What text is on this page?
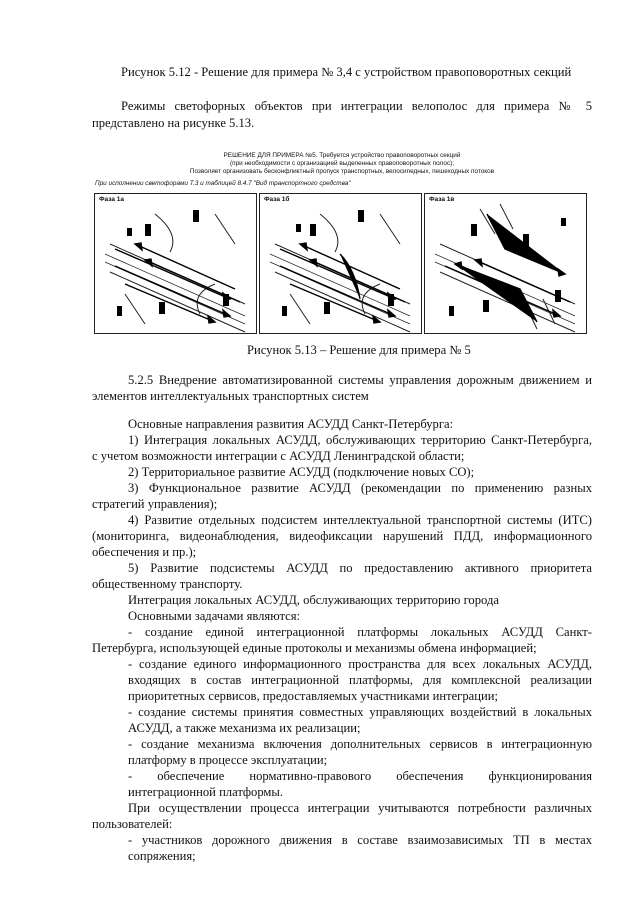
Рисунок 5.12 - Решение для примера № 3,4 с устройством правоповоротных секций

Режимы светофорных объектов при интеграции велополос для примера № 5

представлено на рисунке 5.13.

РЕШЕНИЕ ДЛЯ ПРИМЕРА №5. Требуется устройство правоповоротных секций

(при необходимости с организацией выделенных правоповоротных полос);

Позволяет организовать бесконфликтный пропуск транспортных, велосипедных, пешеходных потоков

При исполнении светофорами Т.3 и таблицей 8.4.7 "Вид транспортного средства"

Фаза 1а	Фаза 1б	Фаза 1в

Рисунок 5.13 – Решение для примера № 5

5.2.5 Внедрение автоматизированной системы управления дорожным движением и

элементов интеллектуальных транспортных систем

Основные направления развития АСУДД Санкт-Петербурга:

1) Интеграция локальных АСУДД, обслуживающих территорию Санкт-Петербурга,

с учетом возможности интеграции с АСУДД Ленинградской области;

2) Территориальное развитие АСУДД (подключение новых СО);

3) Функциональное развитие АСУДД (рекомендации по применению разных

стратегий управления);

4) Развитие отдельных подсистем интеллектуальной транспортной системы (ИТС)

(мониторинга, видеонаблюдения, видеофиксации нарушений ПДД, информационного

обеспечения и пр.);

5) Развитие подсистемы АСУДД по предоставлению активного приоритета

общественному транспорту.

Интеграция локальных АСУДД, обслуживающих территорию города

Основными задачами являются:

- создание единой интеграционной платформы локальных АСУДД Санкт-

Петербурга, использующей единые протоколы и механизмы обмена информацией;

- создание единого информационного пространства для всех локальных АСУДД,

входящих в состав интеграционной платформы, для комплексной реализации

приоритетных сервисов, предоставляемых участниками интеграции;

- создание системы принятия совместных управляющих воздействий в локальных

АСУДД, а также механизма их реализации;

- создание механизма включения дополнительных сервисов в интеграционную

платформу в процессе эксплуатации;

- обеспечение нормативно-правового обеспечения функционирования

интеграционной платформы.

При осуществлении процесса интеграции учитываются потребности различных

пользователей:

- участников дорожного движения в составе взаимозависимых ТП в местах

сопряжения;
